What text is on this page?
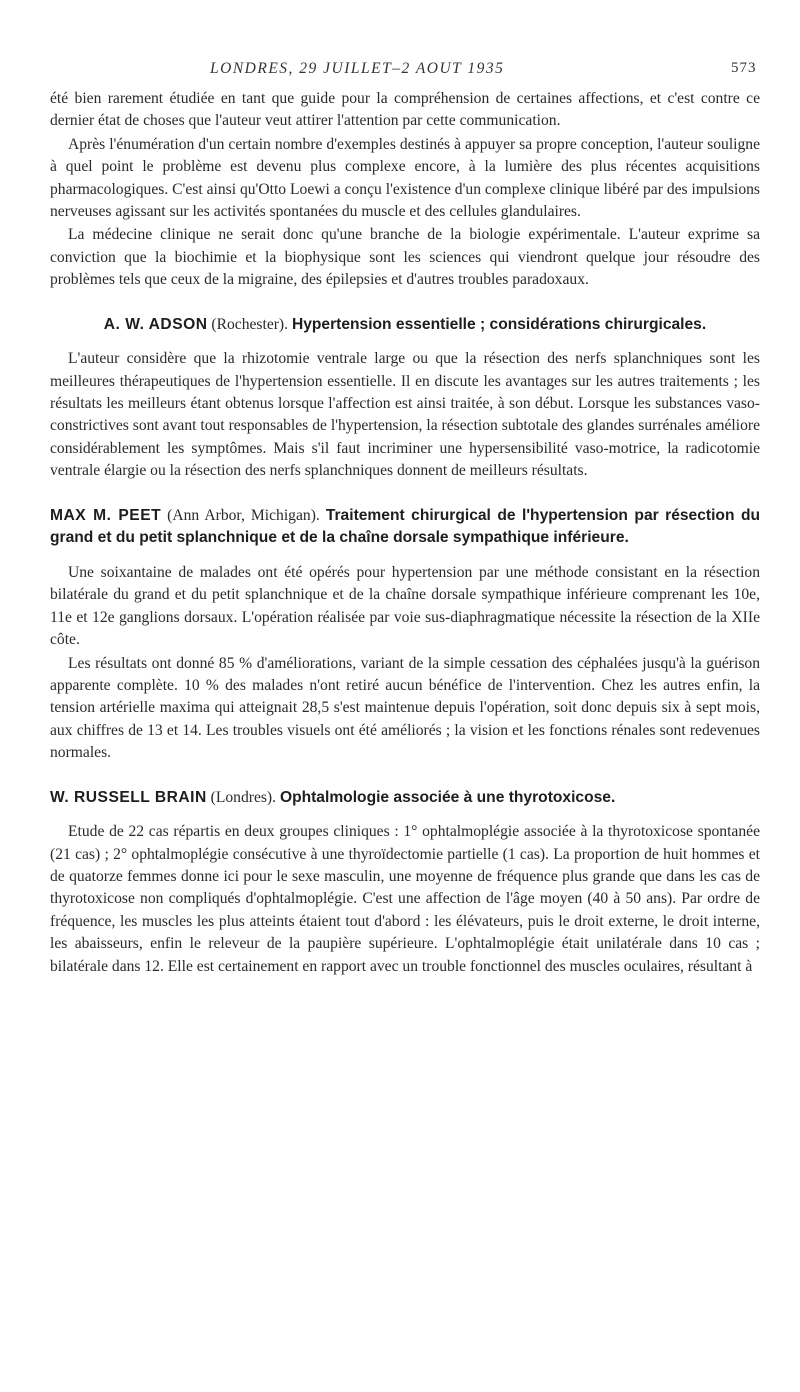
LONDRES, 29 JUILLET–2 AOUT 1935	573

été bien rarement étudiée en tant que guide pour la compréhension de certaines affections, et c'est contre ce dernier état de choses que l'auteur veut attirer l'attention par cette communication.

Après l'énumération d'un certain nombre d'exemples destinés à appuyer sa propre conception, l'auteur souligne à quel point le problème est devenu plus complexe encore, à la lumière des plus récentes acquisitions pharmacologiques. C'est ainsi qu'Otto Loewi a conçu l'existence d'un complexe clinique libéré par des impulsions nerveuses agissant sur les activités spontanées du muscle et des cellules glandulaires.

La médecine clinique ne serait donc qu'une branche de la biologie expérimentale. L'auteur exprime sa conviction que la biochimie et la biophysique sont les sciences qui viendront quelque jour résoudre des problèmes tels que ceux de la migraine, des épilepsies et d'autres troubles paradoxaux.

A. W. ADSON (Rochester). Hypertension essentielle ; considérations chirurgicales.

L'auteur considère que la rhizotomie ventrale large ou que la résection des nerfs splanchniques sont les meilleures thérapeutiques de l'hypertension essentielle. Il en discute les avantages sur les autres traitements ; les résultats les meilleurs étant obtenus lorsque l'affection est ainsi traitée, à son début. Lorsque les substances vaso-constrictives sont avant tout responsables de l'hypertension, la résection subtotale des glandes surrénales améliore considérablement les symptômes. Mais s'il faut incriminer une hypersensibilité vaso-motrice, la radicotomie ventrale élargie ou la résection des nerfs splanchniques donnent de meilleurs résultats.

MAX M. PEET (Ann Arbor, Michigan). Traitement chirurgical de l'hypertension par résection du grand et du petit splanchnique et de la chaîne dorsale sympathique inférieure.

Une soixantaine de malades ont été opérés pour hypertension par une méthode consistant en la résection bilatérale du grand et du petit splanchnique et de la chaîne dorsale sympathique inférieure comprenant les 10e, 11e et 12e ganglions dorsaux. L'opération réalisée par voie sus-diaphragmatique nécessite la résection de la XIIe côte.

Les résultats ont donné 85 % d'améliorations, variant de la simple cessation des céphalées jusqu'à la guérison apparente complète. 10 % des malades n'ont retiré aucun bénéfice de l'intervention. Chez les autres enfin, la tension artérielle maxima qui atteignait 28,5 s'est maintenue depuis l'opération, soit donc depuis six à sept mois, aux chiffres de 13 et 14. Les troubles visuels ont été améliorés ; la vision et les fonctions rénales sont redevenues normales.

W. RUSSELL BRAIN (Londres). Ophtalmologie associée à une thyrotoxicose.

Etude de 22 cas répartis en deux groupes cliniques : 1° ophtalmoplégie associée à la thyrotoxicose spontanée (21 cas) ; 2° ophtalmoplégie consécutive à une thyroïdectomie partielle (1 cas). La proportion de huit hommes et de quatorze femmes donne ici pour le sexe masculin, une moyenne de fréquence plus grande que dans les cas de thyrotoxicose non compliqués d'ophtalmoplégie. C'est une affection de l'âge moyen (40 à 50 ans). Par ordre de fréquence, les muscles les plus atteints étaient tout d'abord : les élévateurs, puis le droit externe, le droit interne, les abaisseurs, enfin le releveur de la paupière supérieure. L'ophtalmoplégie était unilatérale dans 10 cas ; bilatérale dans 12. Elle est certainement en rapport avec un trouble fonctionnel des muscles oculaires, résultant à
